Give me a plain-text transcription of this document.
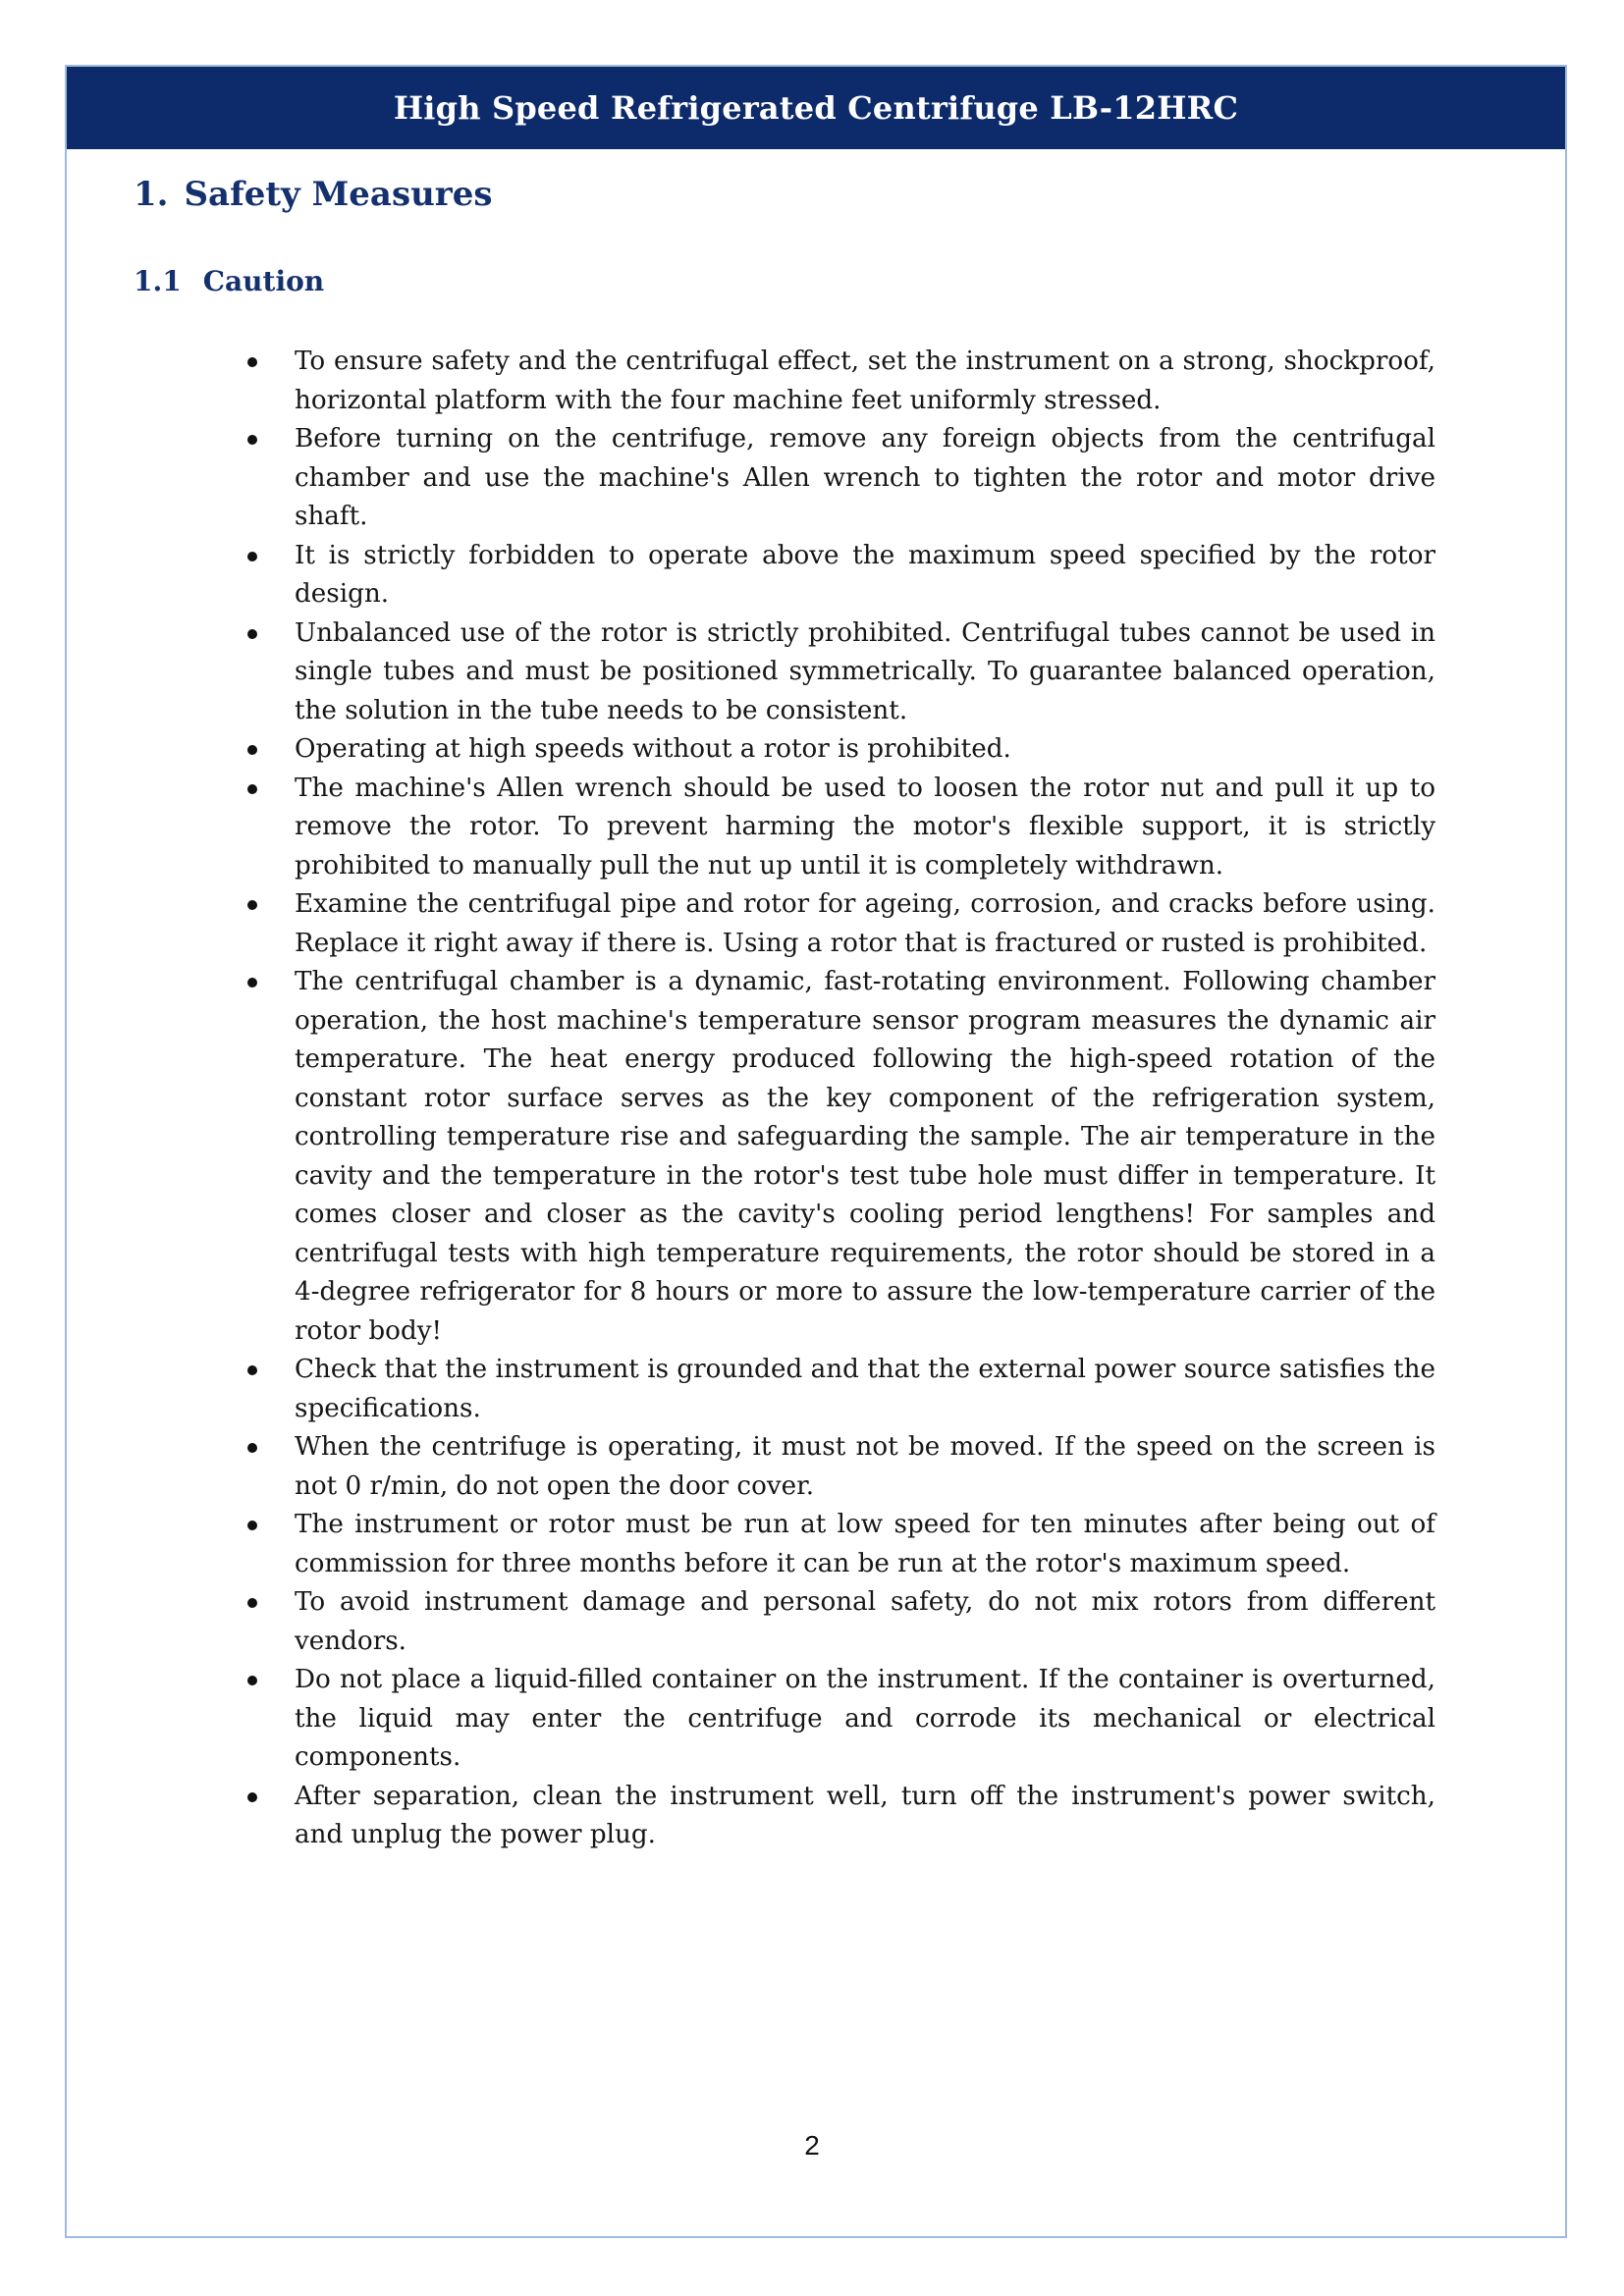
High Speed Refrigerated Centrifuge LB-12HRC
1. Safety Measures
1.1 Caution
To ensure safety and the centrifugal effect, set the instrument on a strong, shockproof, horizontal platform with the four machine feet uniformly stressed.
Before turning on the centrifuge, remove any foreign objects from the centrifugal chamber and use the machine's Allen wrench to tighten the rotor and motor drive shaft.
It is strictly forbidden to operate above the maximum speed specified by the rotor design.
Unbalanced use of the rotor is strictly prohibited. Centrifugal tubes cannot be used in single tubes and must be positioned symmetrically. To guarantee balanced operation, the solution in the tube needs to be consistent.
Operating at high speeds without a rotor is prohibited.
The machine's Allen wrench should be used to loosen the rotor nut and pull it up to remove the rotor. To prevent harming the motor's flexible support, it is strictly prohibited to manually pull the nut up until it is completely withdrawn.
Examine the centrifugal pipe and rotor for ageing, corrosion, and cracks before using. Replace it right away if there is. Using a rotor that is fractured or rusted is prohibited.
The centrifugal chamber is a dynamic, fast-rotating environment. Following chamber operation, the host machine's temperature sensor program measures the dynamic air temperature. The heat energy produced following the high-speed rotation of the constant rotor surface serves as the key component of the refrigeration system, controlling temperature rise and safeguarding the sample. The air temperature in the cavity and the temperature in the rotor's test tube hole must differ in temperature. It comes closer and closer as the cavity's cooling period lengthens! For samples and centrifugal tests with high temperature requirements, the rotor should be stored in a 4-degree refrigerator for 8 hours or more to assure the low-temperature carrier of the rotor body!
Check that the instrument is grounded and that the external power source satisfies the specifications.
When the centrifuge is operating, it must not be moved. If the speed on the screen is not 0 r/min, do not open the door cover.
The instrument or rotor must be run at low speed for ten minutes after being out of commission for three months before it can be run at the rotor's maximum speed.
To avoid instrument damage and personal safety, do not mix rotors from different vendors.
Do not place a liquid-filled container on the instrument. If the container is overturned, the liquid may enter the centrifuge and corrode its mechanical or electrical components.
After separation, clean the instrument well, turn off the instrument's power switch, and unplug the power plug.
2
